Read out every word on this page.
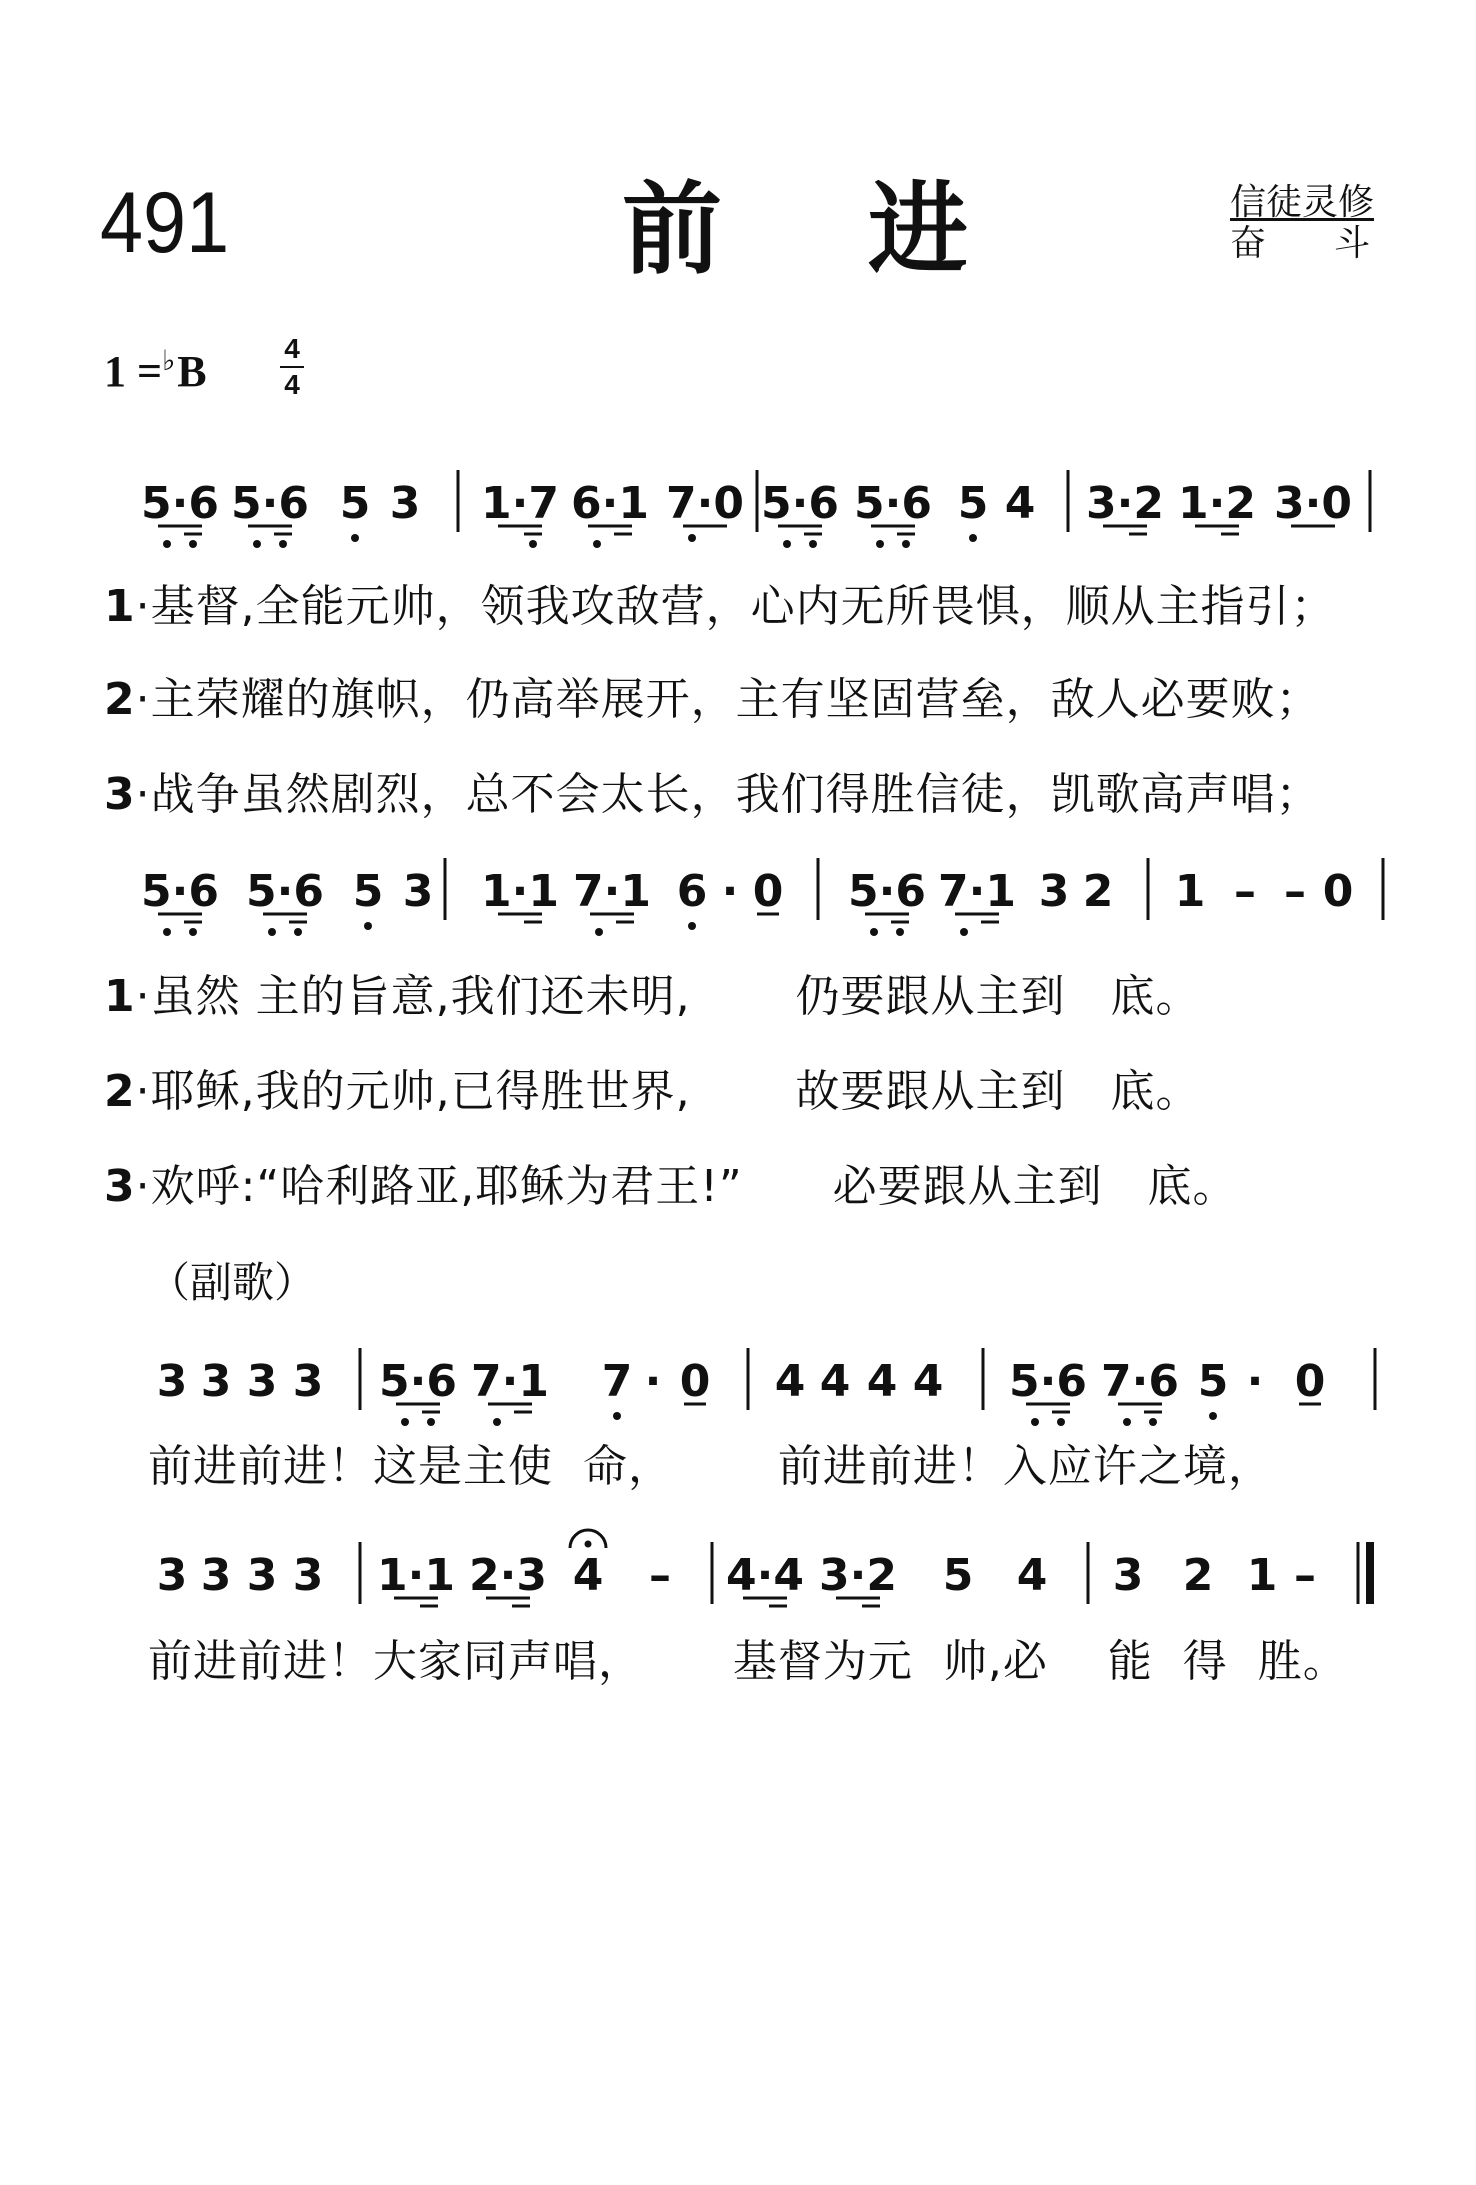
491	前 进	信徒灵修
奋 斗
1 =♭B	4
4
5·6 5·6 5 3 1·7 6·1 7·0 5·6 5·6 5 4 3·2 1·2 3·0
1·基督,全能元帅，领我攻敌营，心内无所畏惧，顺从主指引；
2·主荣耀的旗帜，仍高举展开，主有坚固营垒，敌人必要败；
3·战争虽然剧烈，总不会太长，我们得胜信徒，凯歌高声唱；
5·6 5·6 5 3 1·1 7·1 6 · 0 5·6 7·1 3 2 1 – – 0
1·虽然 主的旨意,我们还未明,       仍要跟从主到   底。
2·耶稣,我的元帅,已得胜世界,       故要跟从主到   底。
3·欢呼:“哈利路亚,耶稣为君王!”      必要跟从主到   底。
（副歌）
3 3 3 3 5·6 7·1 7 · 0 4 4 4 4 5·6 7·6 5 · 0
前进前进！这是主使  命，       前进前进！入应许之境，
3 3 3 3 1·1 2·3 4 – 4·4 3·2 5 4 3 2 1 –
前进前进！大家同声唱，      基督为元  帅,必    能  得  胜。
